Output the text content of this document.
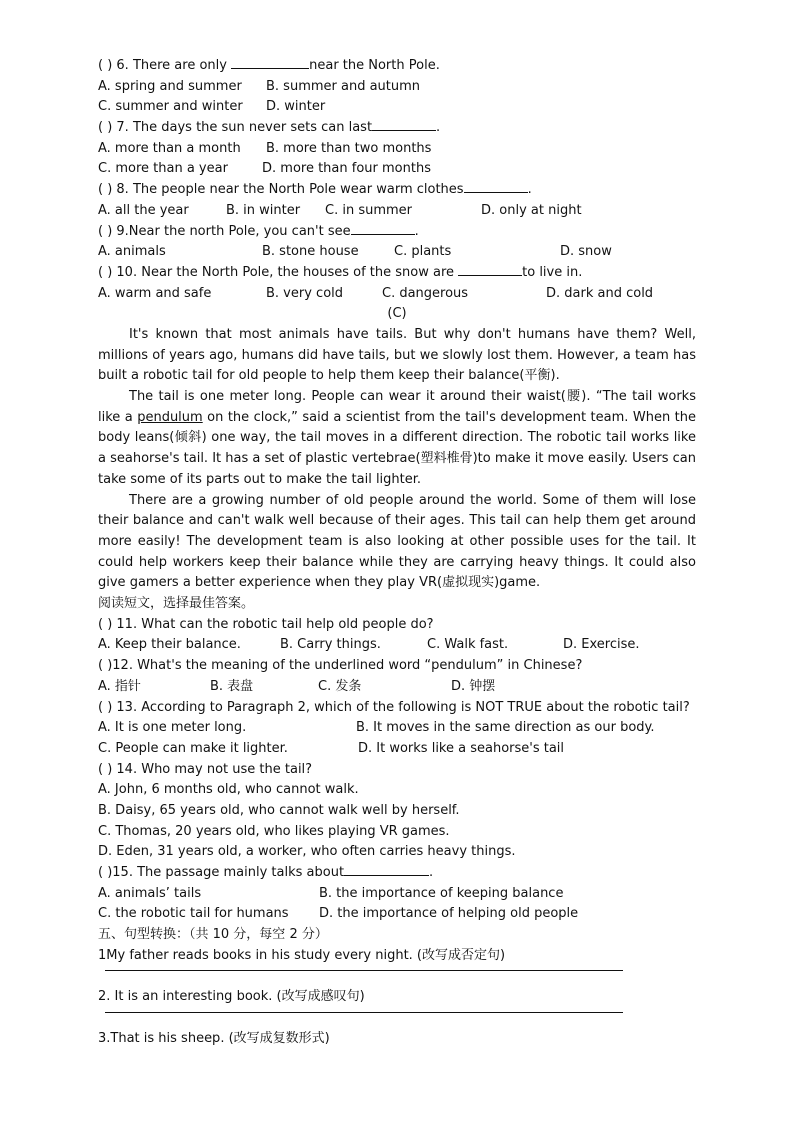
( ) 6. There are only	near the North Pole.
A. spring and summer B. summer and autumn
C. summer and winter D. winter
( ) 7. The days the sun never sets can last	.
A. more than a month B. more than two months
C. more than a year	D. more than four months
( ) 8. The people near the North Pole wear warm clothes	.
A. all the year	B. in winter C. in summer	D. only at night
( ) 9.Near the north Pole, you can't see	.
A. animals	B. stone house	C. plants	D. snow
( ) 10. Near the North Pole, the houses of the snow are	to live in.
A. warm and safe	B. very cold	C. dangerous	D. dark and cold
(C)

It's known that most animals have tails. But why don't humans have them? Well, millions of years ago, humans did have tails, but we slowly lost them. However, a team has built a robotic tail for old people to help them keep their balance(平衡).

The tail is one meter long. People can wear it around their waist(腰). “The tail works like a pendulum on the clock,” said a scientist from the tail's development team. When the body leans(倾斜) one way, the tail moves in a different direction. The robotic tail works like a seahorse's tail. It has a set of plastic vertebrae(塑料椎骨)to make it move easily. Users can take some of its parts out to make the tail lighter.

There are a growing number of old people around the world. Some of them will lose their balance and can't walk well because of their ages. This tail can help them get around more easily! The development team is also looking at other possible uses for the tail. It could help workers keep their balance while they are carrying heavy things. It could also give gamers a better experience when they play VR(虚拟现实)game.

阅读短文，选择最佳答案。
( ) 11. What can the robotic tail help old people do?
A. Keep their balance.	B. Carry things.	C. Walk fast.	D. Exercise.
( )12. What's the meaning of the underlined word “pendulum” in Chinese?
A. 指针	B. 表盘	C. 发条	D. 钟摆

( ) 13. According to Paragraph 2, which of the following is NOT TRUE about the robotic tail?

A. It is one meter long.	B. It moves in the same direction as our body.
C. People can make it lighter.	D. It works like a seahorse's tail
( ) 14. Who may not use the tail?
A. John, 6 months old, who cannot walk.
B. Daisy, 65 years old, who cannot walk well by herself.
C. Thomas, 20 years old, who likes playing VR games.
D. Eden, 31 years old, a worker, who often carries heavy things.
( )15. The passage mainly talks about	.
A. animals’ tails	B. the importance of keeping balance
C. the robotic tail for humans D. the importance of helping old people
五、句型转换：（共 10 分，每空 2 分）
1My father reads books in his study every night. (改写成否定句)
2. It is an interesting book. (改写成感叹句)
3.That is his sheep. (改写成复数形式)
